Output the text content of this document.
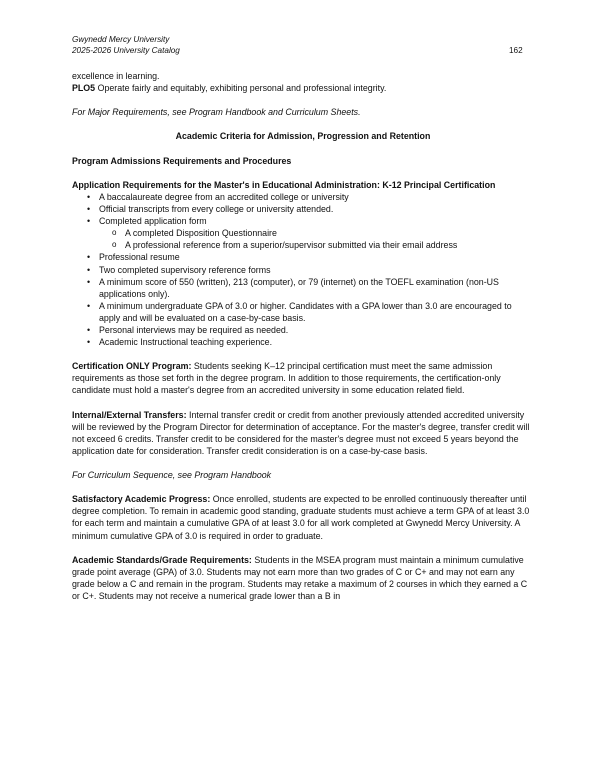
Gwynedd Mercy University
2025-2026 University Catalog	162

excellence in learning.

PLO5 Operate fairly and equitably, exhibiting personal and professional integrity.

For Major Requirements, see Program Handbook and Curriculum Sheets.

Academic Criteria for Admission, Progression and Retention

Program Admissions Requirements and Procedures

Application Requirements for the Master's in Educational Administration: K-12 Principal Certification

• A baccalaureate degree from an accredited college or university
• Official transcripts from every college or university attended.
• Completed application form
o A completed Disposition Questionnaire
o A professional reference from a superior/supervisor submitted via their email address
• Professional resume
• Two completed supervisory reference forms
• A minimum score of 550 (written), 213 (computer), or 79 (internet) on the TOEFL examination (non-US applications only).
• A minimum undergraduate GPA of 3.0 or higher. Candidates with a GPA lower than 3.0 are encouraged to apply and will be evaluated on a case-by-case basis.
• Personal interviews may be required as needed.
• Academic Instructional teaching experience.

Certification ONLY Program: Students seeking K–12 principal certification must meet the same admission requirements as those set forth in the degree program. In addition to those requirements, the certification-only candidate must hold a master's degree from an accredited university in some education related field.

Internal/External Transfers: Internal transfer credit or credit from another previously attended accredited university will be reviewed by the Program Director for determination of acceptance. For the master's degree, transfer credit will not exceed 6 credits. Transfer credit to be considered for the master's degree must not exceed 5 years beyond the application date for consideration. Transfer credit consideration is on a case-by-case basis.

For Curriculum Sequence, see Program Handbook

Satisfactory Academic Progress: Once enrolled, students are expected to be enrolled continuously thereafter until degree completion. To remain in academic good standing, graduate students must achieve a term GPA of at least 3.0 for each term and maintain a cumulative GPA of at least 3.0 for all work completed at Gwynedd Mercy University. A minimum cumulative GPA of 3.0 is required in order to graduate.

Academic Standards/Grade Requirements: Students in the MSEA program must maintain a minimum cumulative grade point average (GPA) of 3.0. Students may not earn more than two grades of C or C+ and may not earn any grade below a C and remain in the program. Students may retake a maximum of 2 courses in which they earned a C or C+. Students may not receive a numerical grade lower than a B in
